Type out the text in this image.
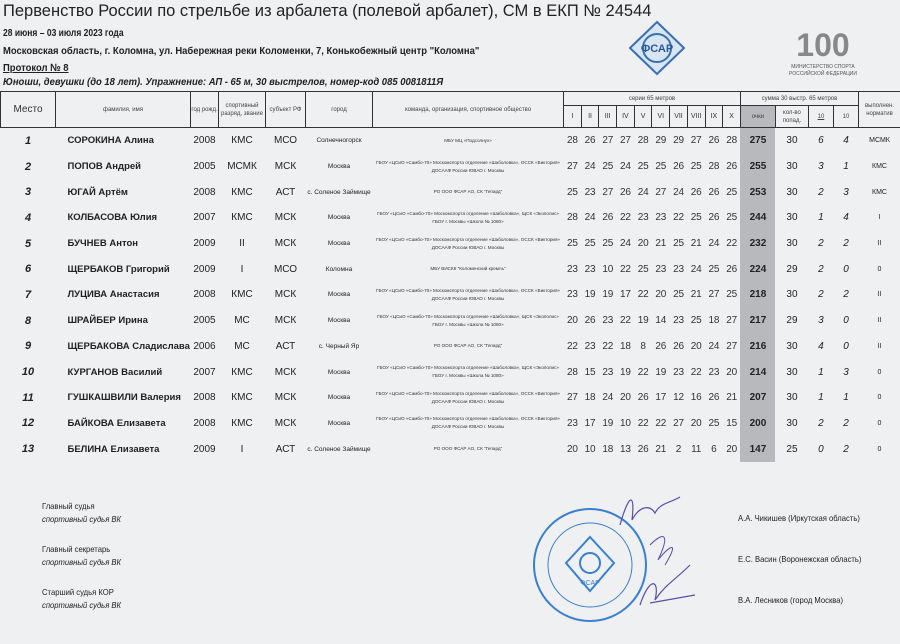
Первенство России по стрельбе из арбалета (полевой арбалет), СМ в ЕКП № 24544
28 июня – 03 июля 2023 года
Московская область, г. Коломна, ул. Набережная реки Коломенки, 7, Конькобежный центр "Коломна"
Протокол № 8
Юноши, девушки (до 18 лет). Упражнение: АП - 65 м, 30 выстрелов, номер-код 085 0081811Я
ФСАР	100
МИНИСТЕРСТВО СПОРТА
РОССИЙСКОЙ ФЕДЕРАЦИИ
Место	фамилия, имя	год рожд.	спортивный разряд, звание	субъект РФ	город	команда, организация, спортивное общество	серии 65 метров										сумма 30 выстр. 65 метров				выполнен. норматив
							I	II	III	IV	V	VI	VII	VIII	IX	X	очки	кол-во попад.	10	10	
1	СОРОКИНА Алина	2008	КМС	МСО	Солнечногорск	МБУ МЦ «Подсолнух»	28	26	27	27	28	29	29	27	26	28	275	30	6	4	МСМК
2	ПОПОВ Андрей	2005	МСМК	МСК	Москва	ГБОУ «ЦСиО «Самбо-70» Москомспорта отделение «Шаболовка», ОССК «Виктория» ДОСААФ России ЮВАО г. Москвы	27	24	25	24	25	25	26	25	28	26	255	30	3	1	КМС
3	ЮГАЙ Артём	2008	КМС	АСТ	с. Соленое Займище	РО ООО ФСАР АО, СК "Гепард"	25	23	27	26	24	27	24	26	26	25	253	30	2	3	КМС
4	КОЛБАСОВА Юлия	2007	КМС	МСК	Москва	ГБОУ «ЦСиО «Самбо-70» Москомспорта отделение «Шаболовка», ЩСК «Экополис» ГБОУ г. Москвы «Школа № 1080»	28	24	26	22	23	23	22	25	26	25	244	30	1	4	I
5	БУЧНЕВ Антон	2009	II	МСК	Москва	ГБОУ «ЦСиО «Самбо-70» Москомспорта отделение «Шаболовка», ОССК «Виктория» ДОСААФ России ЮВАО г. Москвы	25	25	25	24	20	21	25	21	24	22	232	30	2	2	II
6	ЩЕРБАКОВ Григорий	2009	I	МСО	Коломна	МБУ ВИСКК "Коломенский кремль"	23	23	10	22	25	23	23	24	25	26	224	29	2	0	0
7	ЛУЦИВА Анастасия	2008	КМС	МСК	Москва	ГБОУ «ЦСиО «Самбо-70» Москомспорта отделение «Шаболовка», ОССК «Виктория» ДОСААФ России ЮВАО г. Москвы	23	19	19	17	22	20	25	21	27	25	218	30	2	2	II
8	ШРАЙБЕР Ирина	2005	МС	МСК	Москва	ГБОУ «ЦСиО «Самбо-70» Москомспорта отделение «Шаболовка», ЩСК «Экополис» ГБОУ г. Москвы «Школа № 1080»	20	26	23	22	19	14	23	25	18	27	217	29	3	0	II
9	ЩЕРБАКОВА Сладислава	2006	МС	АСТ	с. Черный Яр	РО ООО ФСАР АО, СК "Гепард"	22	23	22	18	8	26	26	20	24	27	216	30	4	0	II
10	КУРГАНОВ Василий	2007	КМС	МСК	Москва	ГБОУ «ЦСиО «Самбо-70» Москомспорта отделение «Шаболовка», ЩСК «Экополис» ГБОУ г. Москвы «Школа № 1080»	28	15	23	19	22	19	23	22	23	20	214	30	1	3	0
11	ГУШКАШВИЛИ Валерия	2008	КМС	МСК	Москва	ГБОУ «ЦСиО «Самбо-70» Москомспорта отделение «Шаболовка», ОССК «Виктория» ДОСААФ России ЮВАО г. Москвы	27	18	24	20	26	17	12	16	26	21	207	30	1	1	0
12	БАЙКОВА Елизавета	2008	КМС	МСК	Москва	ГБОУ «ЦСиО «Самбо-70» Москомспорта отделение «Шаболовка», ОССК «Виктория» ДОСААФ России ЮВАО г. Москвы	23	17	19	10	22	22	27	20	25	15	200	30	2	2	0
13	БЕЛИНА Елизавета	2009	I	АСТ	с. Соленое Займище	РО ООО ФСАР АО, СК "Гепард"	20	10	18	13	26	21	2	11	6	20	147	25	0	2	0
Главный судья
спортивный судья ВК	А.А. Чикишев (Иркутская область)
Главный секретарь
спортивный судья ВК	Е.С. Васин (Воронежская область)
Старший судья КОР
спортивный судья ВК	В.А. Лесников (город Москва)
ФСАР
